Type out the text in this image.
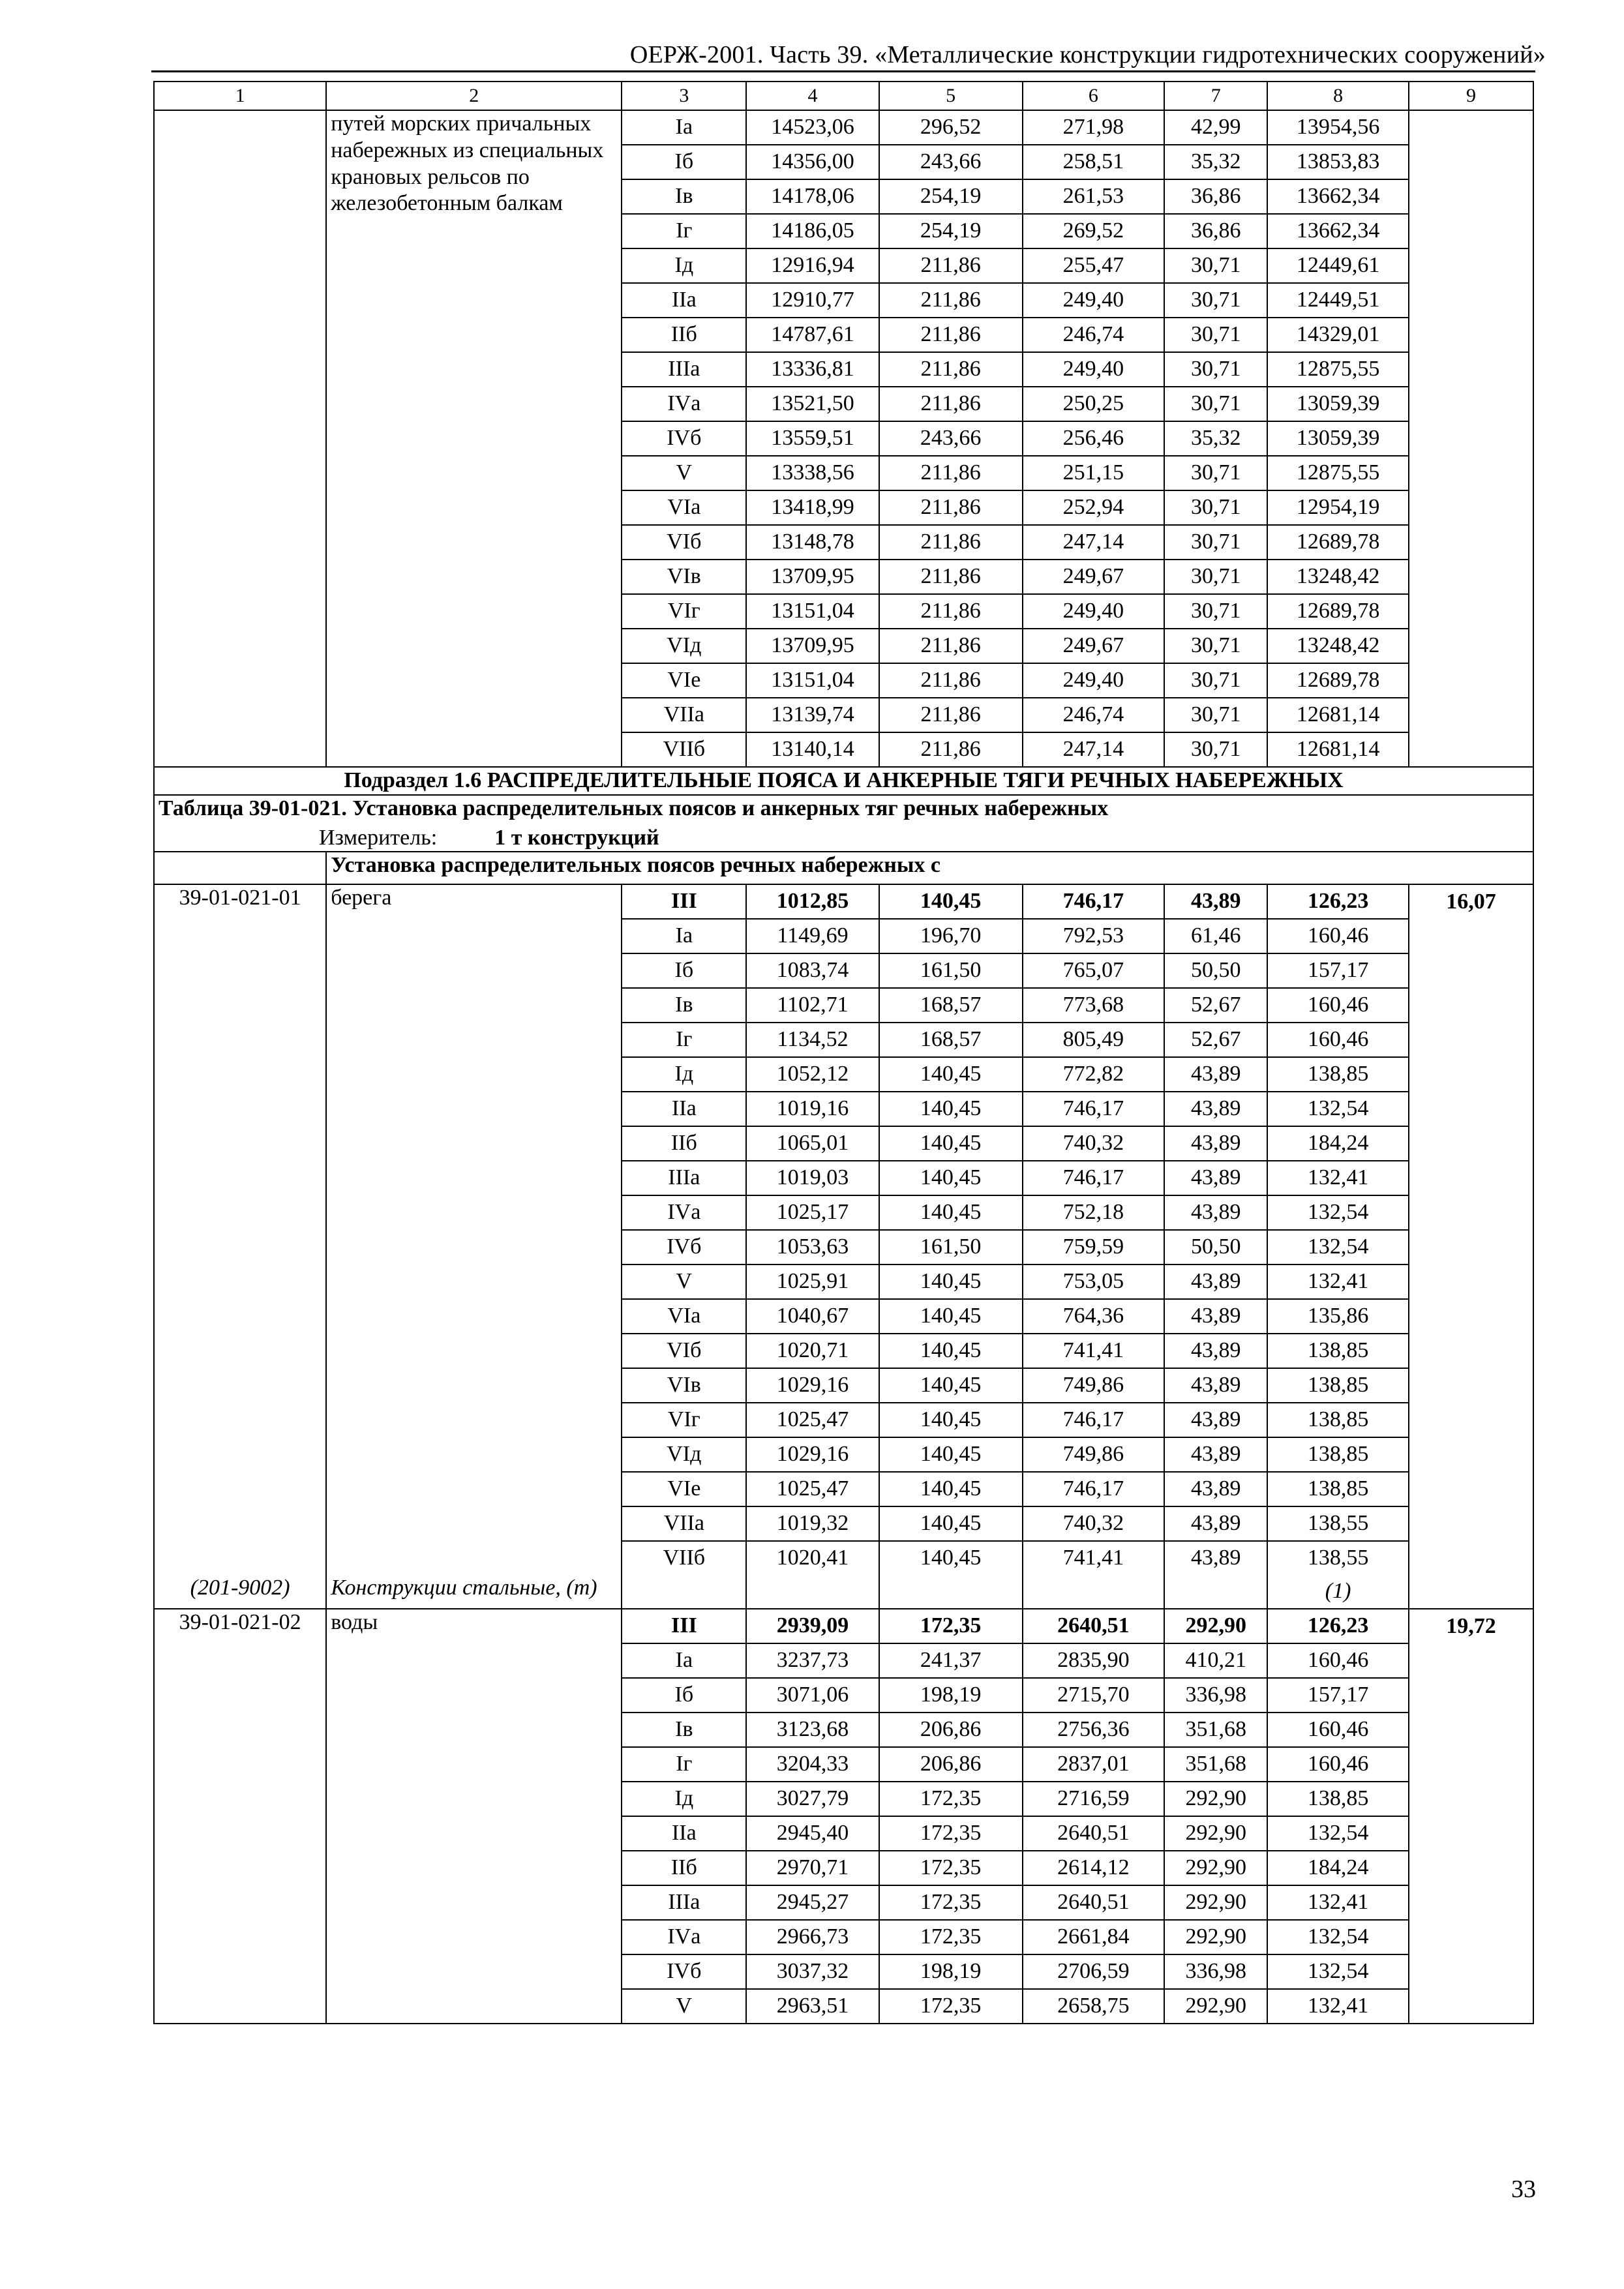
ОЕРЖ-2001. Часть 39. «Металлические конструкции гидротехнических сооружений»
1	2	3	4	5	6	7	8	9
	путей морских причальных набережных из специальных крановых рельсов по железобетонным балкам	Iа	14523,06	296,52	271,98	42,99	13954,56	
		Iб	14356,00	243,66	258,51	35,32	13853,83	
		Iв	14178,06	254,19	261,53	36,86	13662,34	
		Iг	14186,05	254,19	269,52	36,86	13662,34	
		Iд	12916,94	211,86	255,47	30,71	12449,61	
		IIа	12910,77	211,86	249,40	30,71	12449,51	
		IIб	14787,61	211,86	246,74	30,71	14329,01	
		IIIа	13336,81	211,86	249,40	30,71	12875,55	
		IVа	13521,50	211,86	250,25	30,71	13059,39	
		IVб	13559,51	243,66	256,46	35,32	13059,39	
		V	13338,56	211,86	251,15	30,71	12875,55	
		VIа	13418,99	211,86	252,94	30,71	12954,19	
		VIб	13148,78	211,86	247,14	30,71	12689,78	
		VIв	13709,95	211,86	249,67	30,71	13248,42	
		VIг	13151,04	211,86	249,40	30,71	12689,78	
		VIд	13709,95	211,86	249,67	30,71	13248,42	
		VIе	13151,04	211,86	249,40	30,71	12689,78	
		VIIа	13139,74	211,86	246,74	30,71	12681,14	
		VIIб	13140,14	211,86	247,14	30,71	12681,14	
Подраздел 1.6 РАСПРЕДЕЛИТЕЛЬНЫЕ ПОЯСА И АНКЕРНЫЕ ТЯГИ РЕЧНЫХ НАБЕРЕЖНЫХ								

Таблица 39-01-021. Установка распределительных поясов и анкерных тяг речных набережных
Измеритель: 1 т конструкций								

	Установка распределительных поясов речных набережных с							
39-01-021-01	берега	III	1012,85	140,45	746,17	43,89	126,23	16,07
		Iа	1149,69	196,70	792,53	61,46	160,46	
		Iб	1083,74	161,50	765,07	50,50	157,17	
		Iв	1102,71	168,57	773,68	52,67	160,46	
		Iг	1134,52	168,57	805,49	52,67	160,46	
		Iд	1052,12	140,45	772,82	43,89	138,85	
		IIа	1019,16	140,45	746,17	43,89	132,54	
		IIб	1065,01	140,45	740,32	43,89	184,24	
		IIIа	1019,03	140,45	746,17	43,89	132,41	
		IVа	1025,17	140,45	752,18	43,89	132,54	
		IVб	1053,63	161,50	759,59	50,50	132,54	
		V	1025,91	140,45	753,05	43,89	132,41	
		VIа	1040,67	140,45	764,36	43,89	135,86	
		VIб	1020,71	140,45	741,41	43,89	138,85	
		VIв	1029,16	140,45	749,86	43,89	138,85	
		VIг	1025,47	140,45	746,17	43,89	138,85	
		VIд	1029,16	140,45	749,86	43,89	138,85	
		VIе	1025,47	140,45	746,17	43,89	138,85	
		VIIа	1019,32	140,45	740,32	43,89	138,55	
		VIIб	1020,41	140,45	741,41	43,89	138,55	
(201-9002)	Конструкции стальные, (т)						(1)	
39-01-021-02	воды	III	2939,09	172,35	2640,51	292,90	126,23	19,72
		Iа	3237,73	241,37	2835,90	410,21	160,46	
		Iб	3071,06	198,19	2715,70	336,98	157,17	
		Iв	3123,68	206,86	2756,36	351,68	160,46	
		Iг	3204,33	206,86	2837,01	351,68	160,46	
		Iд	3027,79	172,35	2716,59	292,90	138,85	
		IIа	2945,40	172,35	2640,51	292,90	132,54	
		IIб	2970,71	172,35	2614,12	292,90	184,24	
		IIIа	2945,27	172,35	2640,51	292,90	132,41	
		IVа	2966,73	172,35	2661,84	292,90	132,54	
		IVб	3037,32	198,19	2706,59	336,98	132,54	
		V	2963,51	172,35	2658,75	292,90	132,41	
33
